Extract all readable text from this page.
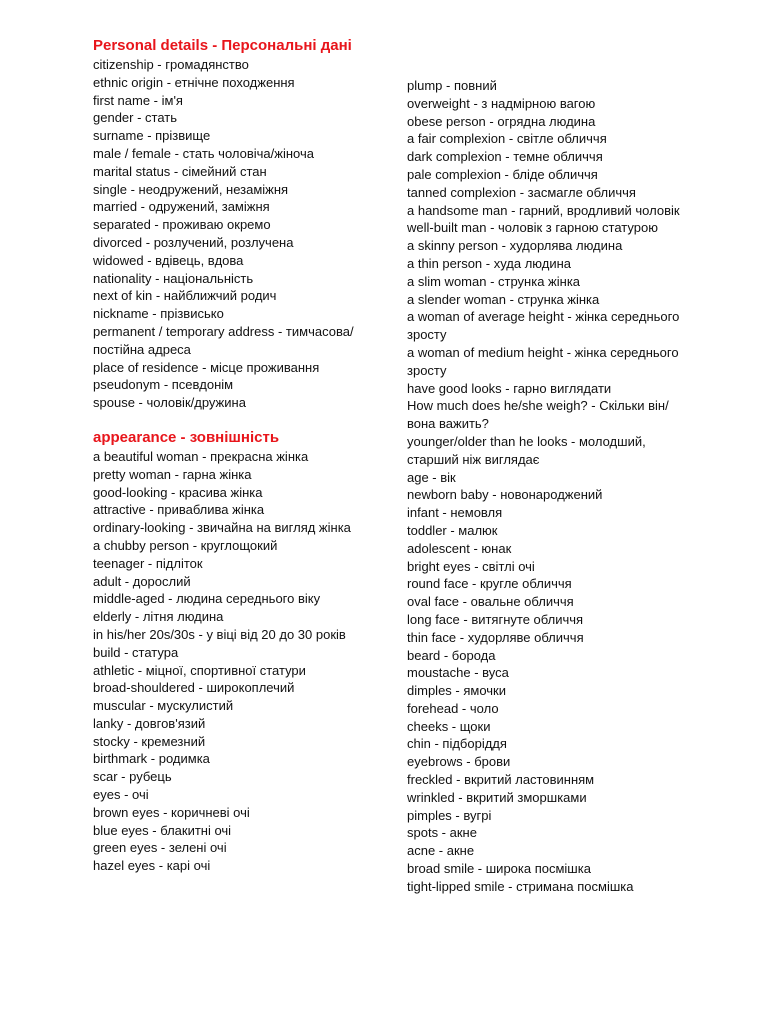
Personal details - Персональні дані
citizenship - громадянство
ethnic origin - етнічне походження
first name - ім'я
gender - стать
surname - прізвище
male / female - стать чоловіча/жіноча
marital status - сімейний стан
single - неодружений, незаміжня
married - одружений, заміжня
separated - проживаю окремо
divorced - розлучений, розлучена
widowed - вдівець, вдова
nationality - національність
next of kin - найближчий родич
nickname - прізвисько
permanent / temporary address - тимчасова/постійна адреса
place of residence - місце проживання
pseudonym - псевдонім
spouse - чоловік/дружина
appearance - зовнішність
a beautiful woman - прекрасна жінка
pretty woman - гарна жінка
good-looking - красива жінка
attractive - приваблива жінка
ordinary-looking - звичайна на вигляд жінка
a chubby person - круглощокий
teenager - підліток
adult - дорослий
middle-aged - людина середнього віку
elderly - літня людина
in his/her 20s/30s - у віці від 20 до 30 років
build - статура
athletic - міцної, спортивної статури
broad-shouldered - широкоплечий
muscular - мускулистий
lanky - довгов'язий
stocky - кремезний
birthmark - родимка
scar - рубець
eyes - очі
brown eyes - коричневі очі
blue eyes - блакитні очі
green eyes - зелені очі
hazel eyes - карі очі
plump - повний
overweight - з надмірною вагою
obese person - огрядна людина
a fair complexion - світле обличчя
dark complexion - темне обличчя
pale complexion - бліде обличчя
tanned complexion - засмагле обличчя
a handsome man - гарний, вродливий чоловік
well-built man - чоловік з гарною статурою
a skinny person - худорлява людина
a thin person - худа людина
a slim woman - струнка жінка
a slender woman - стрункa жінка
a woman of average height - жінка середнього зросту
a woman of medium height - жінка середнього зросту
have good looks - гарно виглядати
How much does he/she weigh? - Скільки він/вона важить?
younger/older than he looks - молодший, старший ніж виглядає
age - вік
newborn baby - новонароджений
infant - немовля
toddler - малюк
adolescent - юнак
bright eyes - світлі очі
round face - кругле обличчя
oval face - овальне обличчя
long face - витягнуте обличчя
thin face - худорляве обличчя
beard - борода
moustache - вуса
dimples - ямочки
forehead - чоло
cheeks - щоки
chin - підборіддя
eyebrows - брови
freckled - вкритий ластовинням
wrinkled - вкритий зморшками
pimples - вугрі
spots - акне
acne - акне
broad smile - широка посмішка
tight-lipped smile - стримана посмішка
